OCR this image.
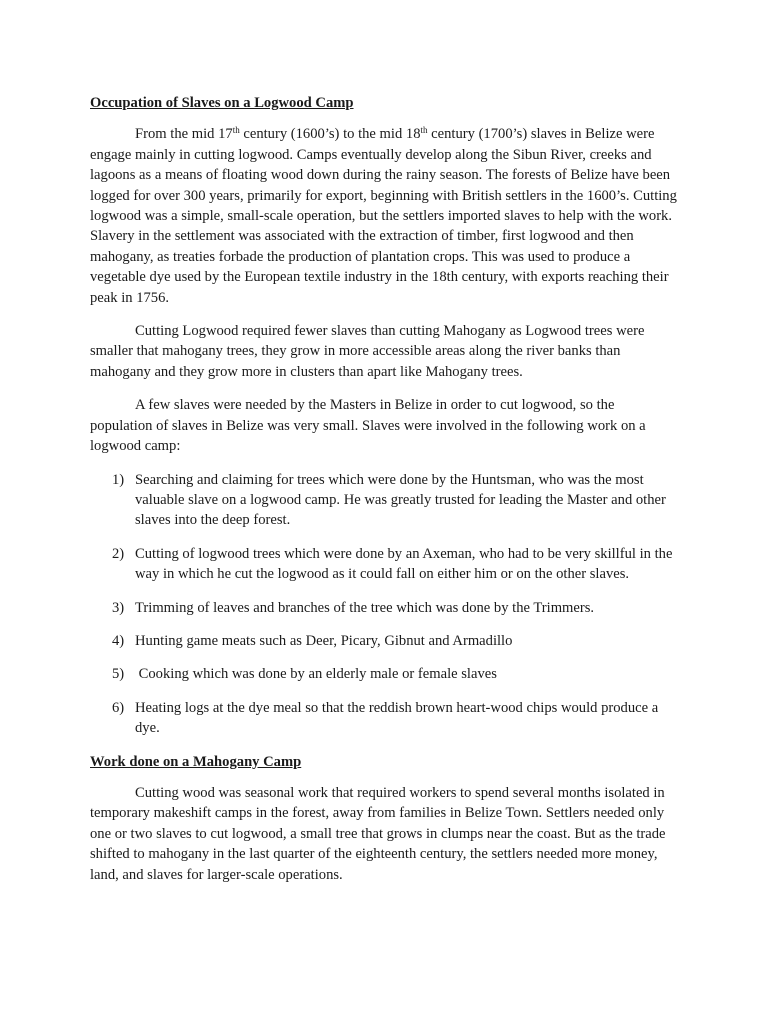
Occupation of Slaves on a Logwood Camp

From the mid 17th century (1600’s) to the mid 18th century (1700’s) slaves in Belize were engage mainly in cutting logwood. Camps eventually develop along the Sibun River, creeks and lagoons as a means of floating wood down during the rainy season. The forests of Belize have been logged for over 300 years, primarily for export, beginning with British settlers in the 1600’s. Cutting logwood was a simple, small-scale operation, but the settlers imported slaves to help with the work. Slavery in the settlement was associated with the extraction of timber, first logwood and then mahogany, as treaties forbade the production of plantation crops. This was used to produce a vegetable dye used by the European textile industry in the 18th century, with exports reaching their peak in 1756.

Cutting Logwood required fewer slaves than cutting Mahogany as Logwood trees were smaller that mahogany trees, they grow in more accessible areas along the river banks than mahogany and they grow more in clusters than apart like Mahogany trees.

A few slaves were needed by the Masters in Belize in order to cut logwood, so the population of slaves in Belize was very small. Slaves were involved in the following work on a logwood camp:

1) Searching and claiming for trees which were done by the Huntsman, who was the most valuable slave on a logwood camp. He was greatly trusted for leading the Master and other slaves into the deep forest.
2) Cutting of logwood trees which were done by an Axeman, who had to be very skillful in the way in which he cut the logwood as it could fall on either him or on the other slaves.
3) Trimming of leaves and branches of the tree which was done by the Trimmers.
4) Hunting game meats such as Deer, Picary, Gibnut and Armadillo
5) Cooking which was done by an elderly male or female slaves
6) Heating logs at the dye meal so that the reddish brown heart-wood chips would produce a dye.
Work done on a Mahogany Camp

Cutting wood was seasonal work that required workers to spend several months isolated in temporary makeshift camps in the forest, away from families in Belize Town. Settlers needed only one or two slaves to cut logwood, a small tree that grows in clumps near the coast. But as the trade shifted to mahogany in the last quarter of the eighteenth century, the settlers needed more money, land, and slaves for larger-scale operations.
